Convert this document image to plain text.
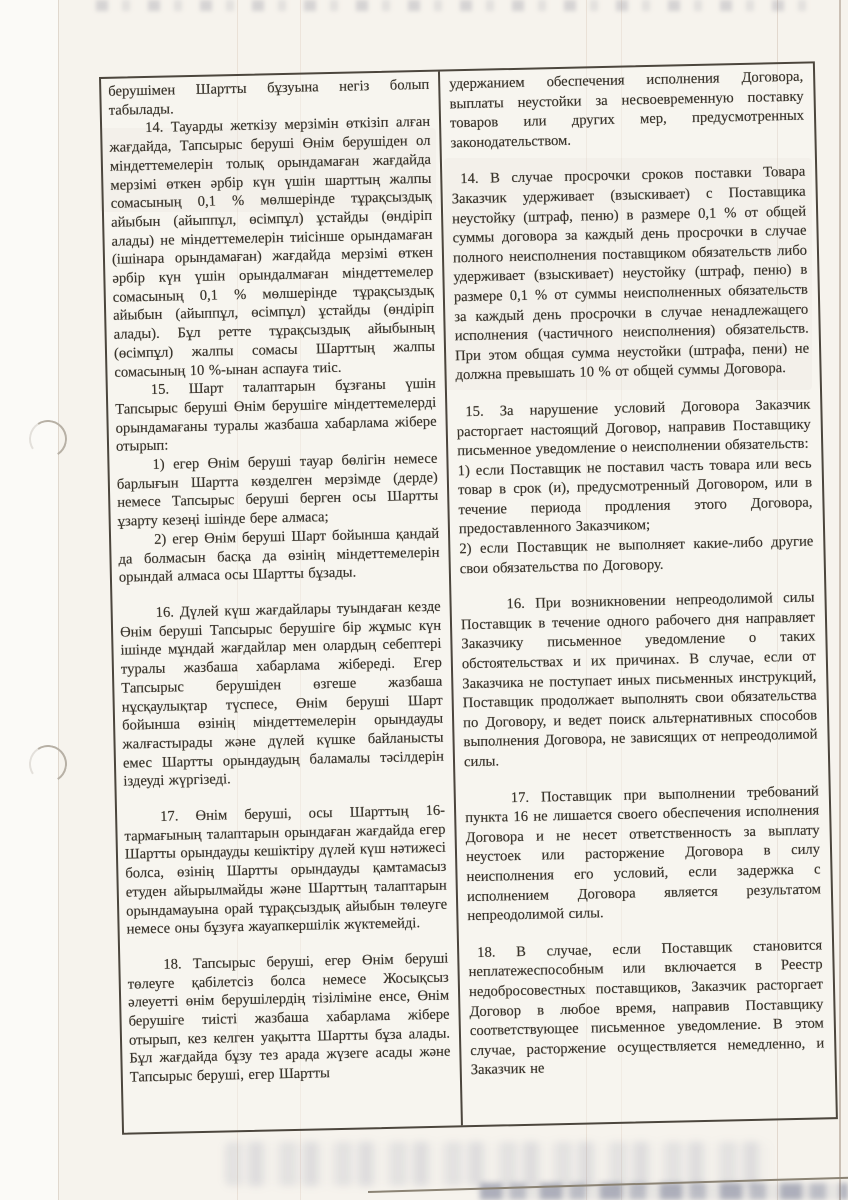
берушімен Шартты бұзуына негіз болып табылады.

14. Тауарды жеткізу мерзімін өткізіп алған жағдайда, Тапсырыс беруші Өнім берушіден ол міндеттемелерін толық орындамаған жағдайда мерзімі өткен әрбір күн үшін шарттың жалпы сомасының 0,1 % мөлшерінде тұрақсыздық айыбын (айыппұл, өсімпұл) ұстайды (өндіріп алады) не міндеттемелерін тиісінше орындамаған (ішінара орындамаған) жағдайда мерзімі өткен әрбір күн үшін орындалмаған міндеттемелер сомасының 0,1 % мөлшерінде тұрақсыздық айыбын (айыппұл, өсімпұл) ұстайды (өндіріп алады). Бұл ретте тұрақсыздық айыбының (өсімпұл) жалпы сомасы Шарттың жалпы сомасының 10 %-ынан аспауға тиіс.

15. Шарт талаптарын бұзғаны үшін Тапсырыс беруші Өнім берушіге міндеттемелерді орындамағаны туралы жазбаша хабарлама жібере отырып:

1) егер Өнім беруші тауар бөлігін немесе барлығын Шартта көзделген мерзімде (дерде) немесе Тапсырыс беруші берген осы Шартты ұзарту кезеңі ішінде бере алмаса;

2) егер Өнім беруші Шарт бойынша қандай да болмасын басқа да өзінің міндеттемелерін орындай алмаса осы Шартты бұзады.

16. Дүлей күш жағдайлары туындаған кезде Өнім беруші Тапсырыс берушіге бір жұмыс күн ішінде мұндай жағдайлар мен олардың себептері туралы жазбаша хабарлама жібереді. Егер Тапсырыс берушіден өзгеше жазбаша нұсқаулықтар түспесе, Өнім беруші Шарт бойынша өзінің міндеттемелерін орындауды жалғастырады және дүлей күшке байланысты емес Шартты орындаудың баламалы тәсілдерін іздеуді жүргізеді.

17. Өнім беруші, осы Шарттың 16-тармағының талаптарын орындаған жағдайда егер Шартты орындауды кешіктіру дүлей күш нәтижесі болса, өзінің Шартты орындауды қамтамасыз етуден айырылмайды және Шарттың талаптарын орындамауына орай тұрақсыздық айыбын төлеуге немесе оны бұзуға жауапкершілік жүктемейді.

18. Тапсырыс беруші, егер Өнім беруші төлеуге қабілетсіз болса немесе Жосықсыз әлеуетті өнім берушілердің тізіліміне енсе, Өнім берушіге тиісті жазбаша хабарлама жібере отырып, кез келген уақытта Шартты бұза алады. Бұл жағдайда бұзу тез арада жүзеге асады және Тапсырыс беруші, егер Шартты

удержанием обеспечения исполнения Договора, выплаты неустойки за несвоевременную поставку товаров или других мер, предусмотренных законодательством.

14. В случае просрочки сроков поставки Товара Заказчик удерживает (взыскивает) с Поставщика неустойку (штраф, пеню) в размере 0,1 % от общей суммы договора за каждый день просрочки в случае полного неисполнения поставщиком обязательств либо удерживает (взыскивает) неустойку (штраф, пеню) в размере 0,1 % от суммы неисполненных обязательств за каждый день просрочки в случае ненадлежащего исполнения (частичного неисполнения) обязательств. При этом общая сумма неустойки (штрафа, пени) не должна превышать 10 % от общей суммы Договора.

15. За нарушение условий Договора Заказчик расторгает настоящий Договор, направив Поставщику письменное уведомление о неисполнении обязательств:

1) если Поставщик не поставил часть товара или весь товар в срок (и), предусмотренный Договором, или в течение периода продления этого Договора, предоставленного Заказчиком;

2) если Поставщик не выполняет какие-либо другие свои обязательства по Договору.

16. При возникновении непреодолимой силы Поставщик в течение одного рабочего дня направляет Заказчику письменное уведомление о таких обстоятельствах и их причинах. В случае, если от Заказчика не поступает иных письменных инструкций, Поставщик продолжает выполнять свои обязательства по Договору, и ведет поиск альтернативных способов выполнения Договора, не зависящих от непреодолимой силы.

17. Поставщик при выполнении требований пункта 16 не лишается своего обеспечения исполнения Договора и не несет ответственность за выплату неустоек или расторжение Договора в силу неисполнения его условий, если задержка с исполнением Договора является результатом непреодолимой силы.

18. В случае, если Поставщик становится неплатежеспособным или включается в Реестр недобросовестных поставщиков, Заказчик расторгает Договор в любое время, направив Поставщику соответствующее письменное уведомление. В этом случае, расторжение осуществляется немедленно, и Заказчик не
